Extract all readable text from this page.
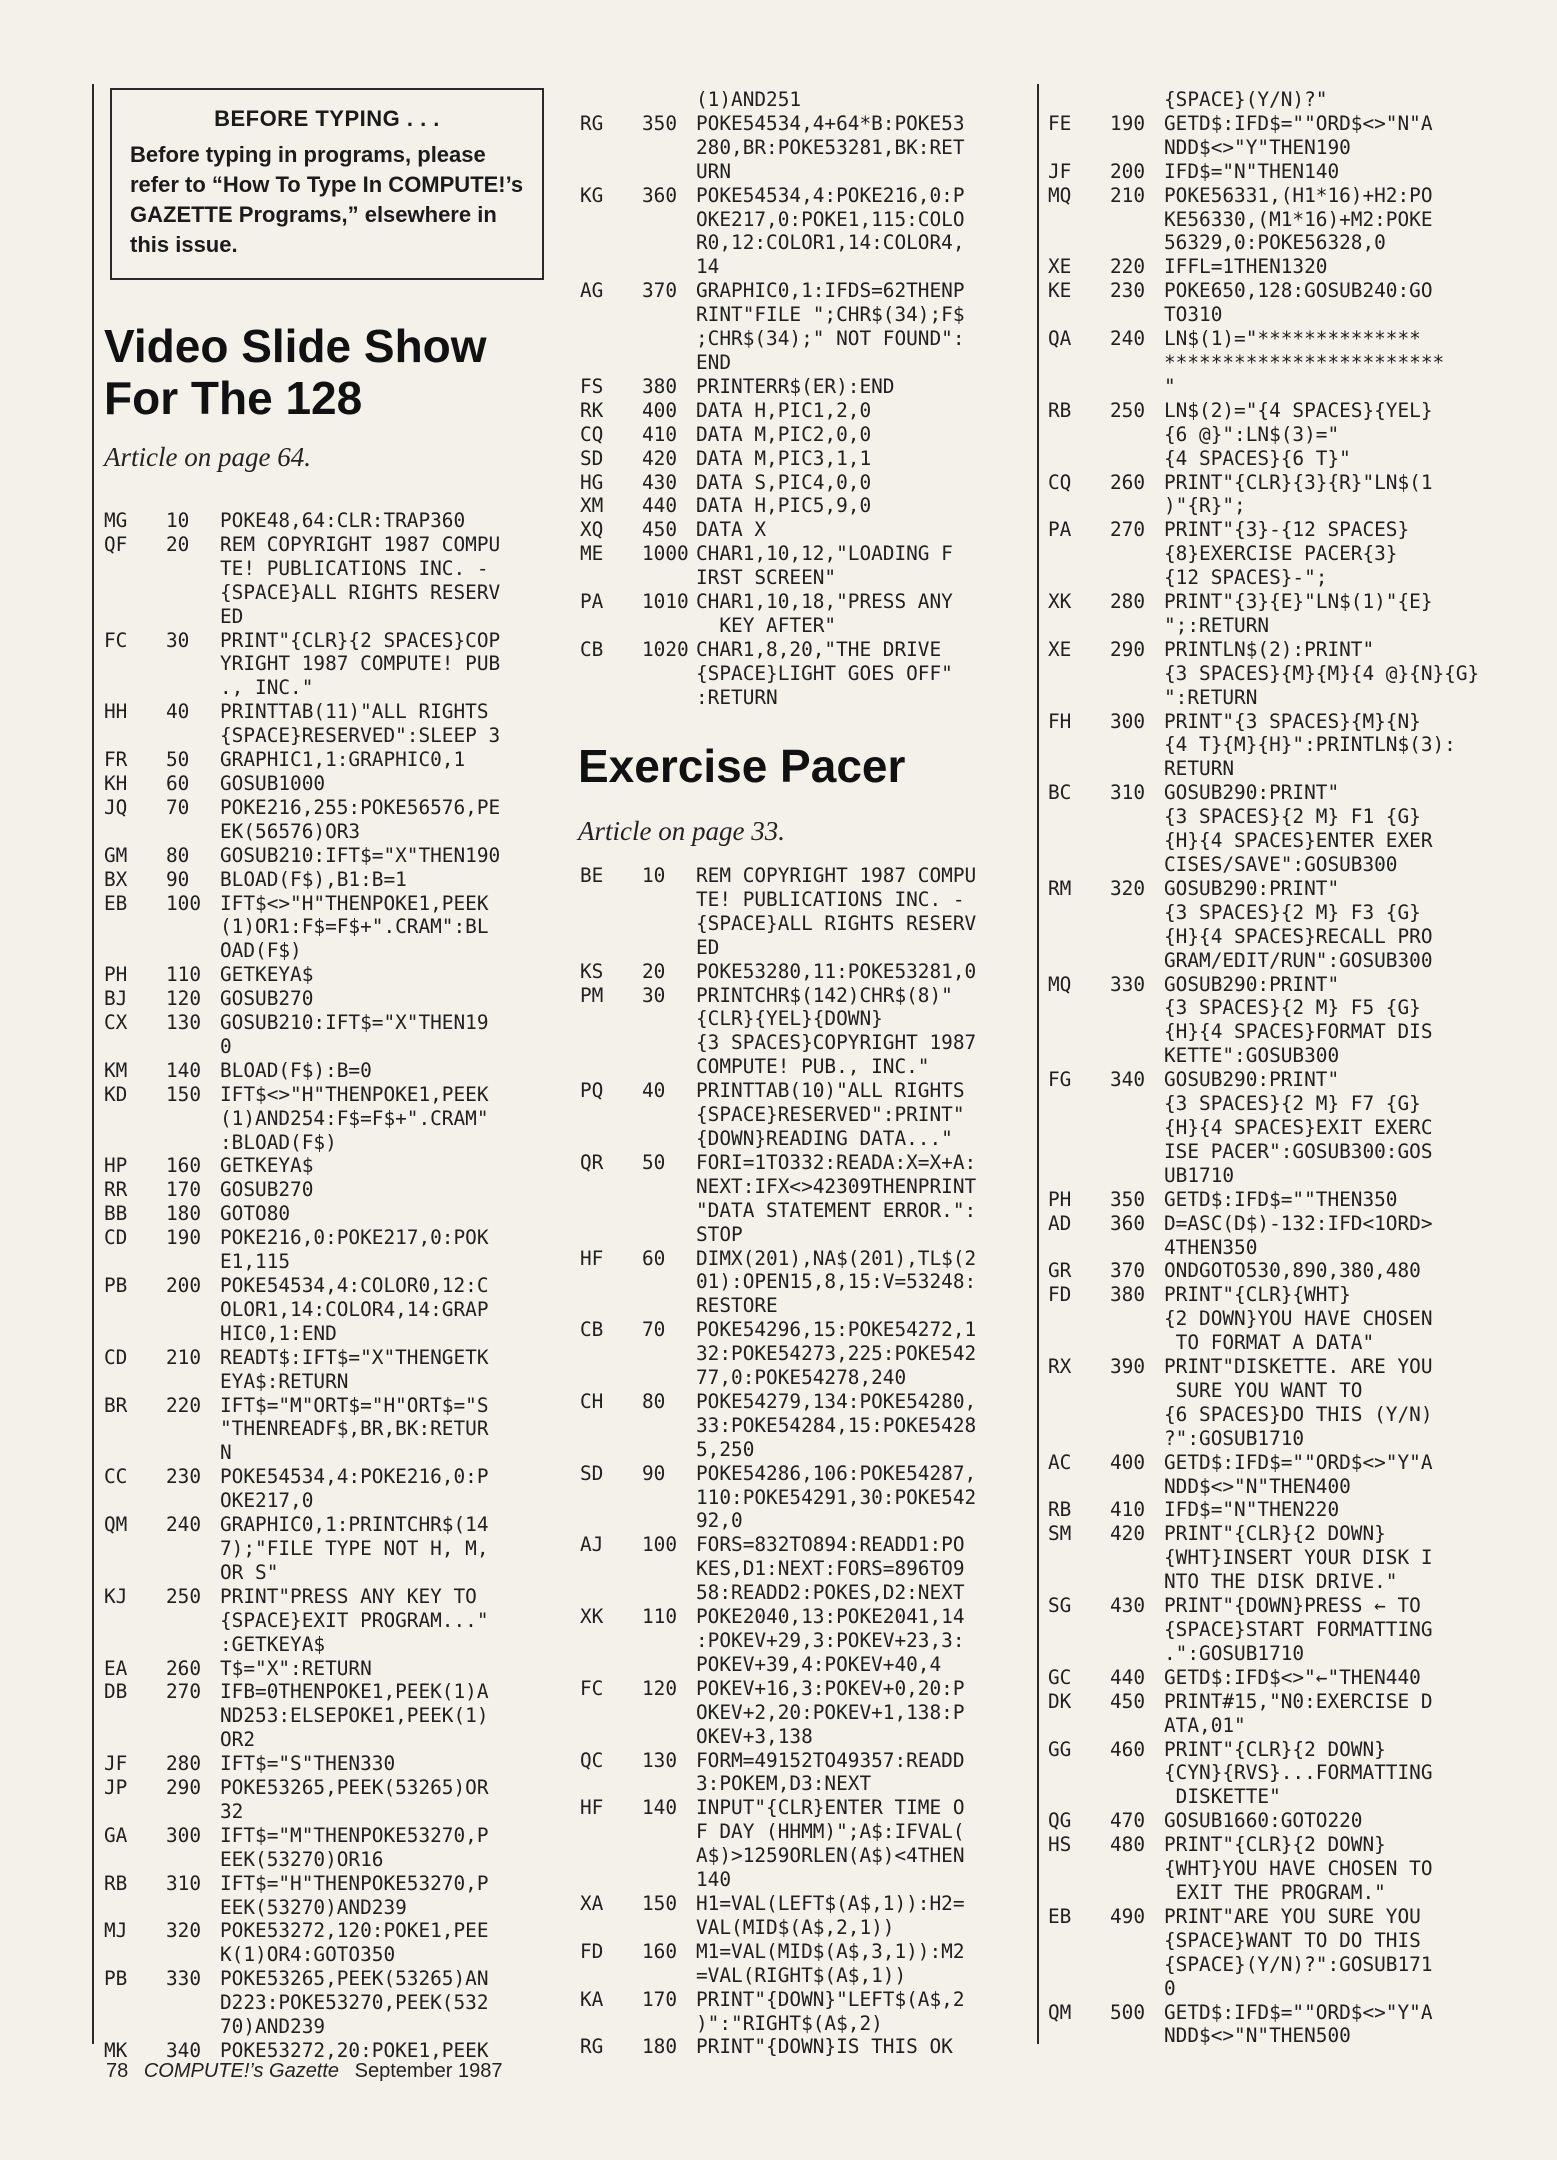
BEFORE TYPING . . .
Before typing in programs, please refer to “How To Type In COMPUTE!’s GAZETTE Programs,” elsewhere in this issue.
Video Slide Show
For The 128
Article on page 64.
MG	10	POKE48,64:CLR:TRAP360
QF	20	REM COPYRIGHT 1987 COMPU
TE! PUBLICATIONS INC. -
{SPACE}ALL RIGHTS RESERV
ED
FC	30	PRINT"{CLR}{2 SPACES}COP
YRIGHT 1987 COMPUTE! PUB
., INC."
HH	40	PRINTTAB(11)"ALL RIGHTS
{SPACE}RESERVED":SLEEP 3
FR	50	GRAPHIC1,1:GRAPHIC0,1
KH	60	GOSUB1000
JQ	70	POKE216,255:POKE56576,PE
EK(56576)OR3
GM	80	GOSUB210:IFT$="X"THEN190
BX	90	BLOAD(F$),B1:B=1
EB	100 IFT$<>"H"THENPOKE1,PEEK
(1)OR1:F$=F$+".CRAM":BL
OAD(F$)
PH	110 GETKEYA$
BJ	120 GOSUB270
CX	130 GOSUB210:IFT$="X"THEN19
0
KM	140 BLOAD(F$):B=0
KD	150 IFT$<>"H"THENPOKE1,PEEK
(1)AND254:F$=F$+".CRAM"
:BLOAD(F$)
HP	160 GETKEYA$
RR	170 GOSUB270
BB	180 GOTO80
CD	190 POKE216,0:POKE217,0:POK
E1,115
PB	200 POKE54534,4:COLOR0,12:C
OLOR1,14:COLOR4,14:GRAP
HIC0,1:END
CD	210 READT$:IFT$="X"THENGETK
EYA$:RETURN
BR	220 IFT$="M"ORT$="H"ORT$="S
"THENREADF$,BR,BK:RETUR
N
CC	230 POKE54534,4:POKE216,0:P
OKE217,0
QM	240 GRAPHIC0,1:PRINTCHR$(14
7);"FILE TYPE NOT H, M,
OR S"
KJ	250 PRINT"PRESS ANY KEY TO
{SPACE}EXIT PROGRAM..."
:GETKEYA$
EA	260 T$="X":RETURN
DB	270 IFB=0THENPOKE1,PEEK(1)A
ND253:ELSEPOKE1,PEEK(1)
OR2
JF	280 IFT$="S"THEN330
JP	290 POKE53265,PEEK(53265)OR
32
GA	300 IFT$="M"THENPOKE53270,P
EEK(53270)OR16
RB	310 IFT$="H"THENPOKE53270,P
EEK(53270)AND239
MJ	320 POKE53272,120:POKE1,PEE
K(1)OR4:GOTO350
PB	330 POKE53265,PEEK(53265)AN
D223:POKE53270,PEEK(532
70)AND239
MK	340 POKE53272,20:POKE1,PEEK
(1)AND251
RG	350 POKE54534,4+64*B:POKE53
280,BR:POKE53281,BK:RET
URN
KG	360 POKE54534,4:POKE216,0:P
OKE217,0:POKE1,115:COLO
R0,12:COLOR1,14:COLOR4,
14
AG	370 GRAPHIC0,1:IFDS=62THENP
RINT"FILE ";CHR$(34);F$
;CHR$(34);" NOT FOUND":
END
FS	380 PRINTERR$(ER):END
RK	400 DATA H,PIC1,2,0
CQ	410 DATA M,PIC2,0,0
SD	420 DATA M,PIC3,1,1
HG	430 DATA S,PIC4,0,0
XM	440 DATA H,PIC5,9,0
XQ	450 DATA X
ME	1000 CHAR1,10,12,"LOADING F
IRST SCREEN"
PA	1010 CHAR1,10,18,"PRESS ANY
KEY AFTER"
CB	1020 CHAR1,8,20,"THE DRIVE
{SPACE}LIGHT GOES OFF"
:RETURN
Exercise Pacer
Article on page 33.
BE	10	REM COPYRIGHT 1987 COMPU
TE! PUBLICATIONS INC. -
{SPACE}ALL RIGHTS RESERV
ED
KS	20	POKE53280,11:POKE53281,0
PM	30	PRINTCHR$(142)CHR$(8)"
{CLR}{YEL}{DOWN}
{3 SPACES}COPYRIGHT 1987
COMPUTE! PUB., INC."
PQ	40	PRINTTAB(10)"ALL RIGHTS
{SPACE}RESERVED":PRINT"
{DOWN}READING DATA..."
QR	50	FORI=1TO332:READA:X=X+A:
NEXT:IFX<>42309THENPRINT
"DATA STATEMENT ERROR.":
STOP
HF	60	DIMX(201),NA$(201),TL$(2
01):OPEN15,8,15:V=53248:
RESTORE
CB	70	POKE54296,15:POKE54272,1
32:POKE54273,225:POKE542
77,0:POKE54278,240
CH	80	POKE54279,134:POKE54280,
33:POKE54284,15:POKE5428
5,250
SD	90	POKE54286,106:POKE54287,
110:POKE54291,30:POKE542
92,0
AJ	100 FORS=832TO894:READD1:PO
KES,D1:NEXT:FORS=896TO9
58:READD2:POKES,D2:NEXT
XK	110 POKE2040,13:POKE2041,14
:POKEV+29,3:POKEV+23,3:
POKEV+39,4:POKEV+40,4
FC	120 POKEV+16,3:POKEV+0,20:P
OKEV+2,20:POKEV+1,138:P
OKEV+3,138
QC	130 FORM=49152TO49357:READD
3:POKEM,D3:NEXT
HF	140 INPUT"{CLR}ENTER TIME O
F DAY (HHMM)";A$:IFVAL(
A$)>1259ORLEN(A$)<4THEN
140
XA	150 H1=VAL(LEFT$(A$,1)):H2=
VAL(MID$(A$,2,1))
FD	160 M1=VAL(MID$(A$,3,1)):M2
=VAL(RIGHT$(A$,1))
KA	170 PRINT"{DOWN}"LEFT$(A$,2
)":"RIGHT$(A$,2)
RG	180 PRINT"{DOWN}IS THIS OK
{SPACE}(Y/N)?"
FE	190 GETD$:IFD$=""ORD$<>"N"A
NDD$<>"Y"THEN190
JF	200 IFD$="N"THEN140
MQ	210 POKE56331,(H1*16)+H2:PO
KE56330,(M1*16)+M2:POKE
56329,0:POKE56328,0
XE	220 IFFL=1THEN1320
KE	230 POKE650,128:GOSUB240:GO
TO310
QA	240 LN$(1)="**************
************************
"
RB	250 LN$(2)="{4 SPACES}{YEL}
{6 @}":LN$(3)="
{4 SPACES}{6 T}"
CQ	260 PRINT"{CLR}{3}{R}"LN$(1
)"{R}";
PA	270 PRINT"{3}-{12 SPACES}
{8}EXERCISE PACER{3}
{12 SPACES}-";
XK	280 PRINT"{3}{E}"LN$(1)"{E}
";:RETURN
XE	290 PRINTLN$(2):PRINT"
{3 SPACES}{M}{M}{4 @}{N}{G}
":RETURN
FH	300 PRINT"{3 SPACES}{M}{N}
{4 T}{M}{H}":PRINTLN$(3):
RETURN
BC	310 GOSUB290:PRINT"
{3 SPACES}{2 M} F1 {G}
{H}{4 SPACES}ENTER EXER
CISES/SAVE":GOSUB300
RM	320 GOSUB290:PRINT"
{3 SPACES}{2 M} F3 {G}
{H}{4 SPACES}RECALL PRO
GRAM/EDIT/RUN":GOSUB300
MQ	330 GOSUB290:PRINT"
{3 SPACES}{2 M} F5 {G}
{H}{4 SPACES}FORMAT DIS
KETTE":GOSUB300
FG	340 GOSUB290:PRINT"
{3 SPACES}{2 M} F7 {G}
{H}{4 SPACES}EXIT EXERC
ISE PACER":GOSUB300:GOS
UB1710
PH	350 GETD$:IFD$=""THEN350
AD	360 D=ASC(D$)-132:IFD<1ORD>
4THEN350
GR	370 ONDGOTO530,890,380,480
FD	380 PRINT"{CLR}{WHT}
{2 DOWN}YOU HAVE CHOSEN
TO FORMAT A DATA"
RX	390 PRINT"DISKETTE. ARE YOU
SURE YOU WANT TO
{6 SPACES}DO THIS (Y/N)
?":GOSUB1710
AC	400 GETD$:IFD$=""ORD$<>"Y"A
NDD$<>"N"THEN400
RB	410 IFD$="N"THEN220
SM	420 PRINT"{CLR}{2 DOWN}
{WHT}INSERT YOUR DISK I
NTO THE DISK DRIVE."
SG	430 PRINT"{DOWN}PRESS ← TO
{SPACE}START FORMATTING
.":GOSUB1710
GC	440 GETD$:IFD$<>"←"THEN440
DK	450 PRINT#15,"N0:EXERCISE D
ATA,01"
GG	460 PRINT"{CLR}{2 DOWN}
{CYN}{RVS}...FORMATTING
DISKETTE"
QG	470 GOSUB1660:GOTO220
HS	480 PRINT"{CLR}{2 DOWN}
{WHT}YOU HAVE CHOSEN TO
EXIT THE PROGRAM."
EB	490 PRINT"ARE YOU SURE YOU
{SPACE}WANT TO DO THIS
{SPACE}(Y/N)?":GOSUB171
0
QM	500 GETD$:IFD$=""ORD$<>"Y"A
NDD$<>"N"THEN500
78 COMPUTE!’s Gazette September 1987
